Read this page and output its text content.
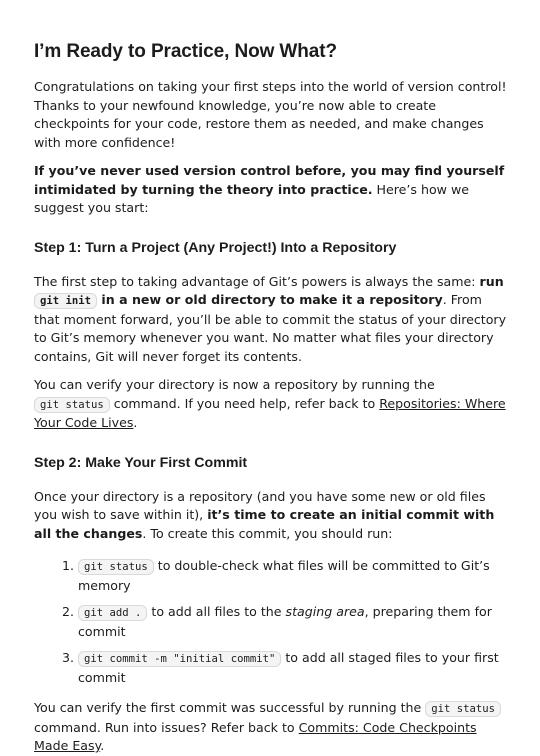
I’m Ready to Practice, Now What?

Congratulations on taking your first steps into the world of version control! Thanks to your newfound knowledge, you’re now able to create checkpoints for your code, restore them as needed, and make changes with more confidence!

If you’ve never used version control before, you may find yourself intimidated by turning the theory into practice. Here’s how we suggest you start:

Step 1: Turn a Project (Any Project!) Into a Repository

The first step to taking advantage of Git’s powers is always the same: run git init in a new or old directory to make it a repository. From that moment forward, you’ll be able to commit the status of your directory to Git’s memory whenever you want. No matter what files your directory contains, Git will never forget its contents.

You can verify your directory is now a repository by running the git status command. If you need help, refer back to Repositories: Where Your Code Lives.

Step 2: Make Your First Commit

Once your directory is a repository (and you have some new or old files you wish to save within it), it’s time to create an initial commit with all the changes. To create this commit, you should run:

1. git status to double-check what files will be committed to Git’s memory
2. git add . to add all files to the staging area, preparing them for commit
3. git commit -m "initial commit" to add all staged files to your first commit

You can verify the first commit was successful by running the git status command. Run into issues? Refer back to Commits: Code Checkpoints Made Easy.
